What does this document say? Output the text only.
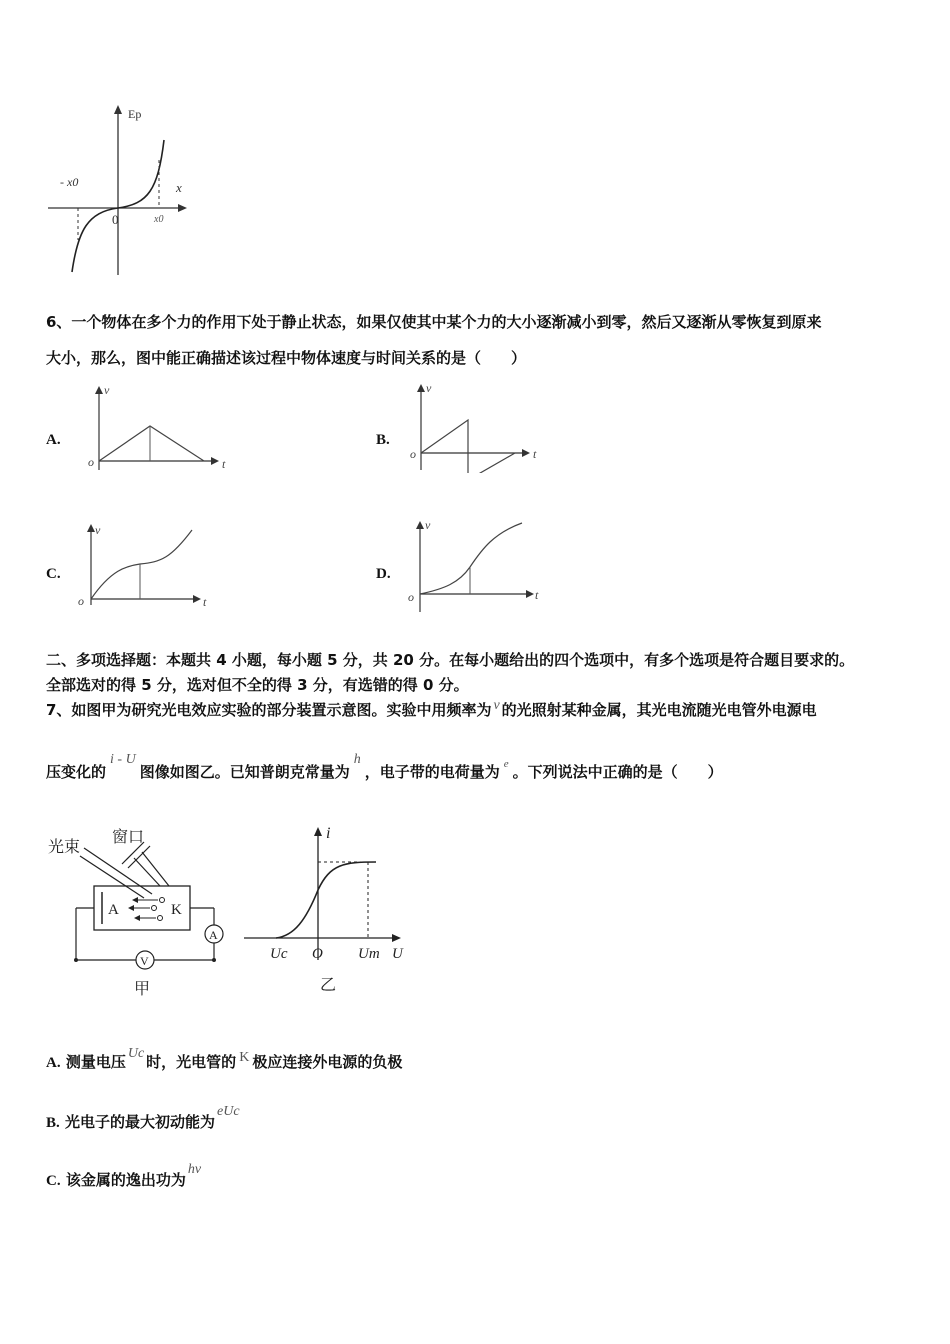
Ep
- x0	x
0	x0
6、一个物体在多个力的作用下处于静止状态，如果仅使其中某个力的大小逐渐减小到零，然后又逐渐从零恢复到原来
大小，那么，图中能正确描述该过程中物体速度与时间关系的是（　　）
A.
v
t
o
B.
v
t
o
C.
v
t
o
D.
v
t
o
二、多项选择题：本题共 4 小题，每小题 5 分，共 20 分。在每小题给出的四个选项中，有多个选项是符合题目要求的。
全部选对的得 5 分，选对但不全的得 3 分，有选错的得 0 分。
7、如图甲为研究光电效应实验的部分装置示意图。实验中用频率为 ν 的光照射某种金属，其光电流随光电管外电源电
压变化的i - U图像如图乙。已知普朗克常量为h，电子带的电荷量为 $^e$ 。下列说法中正确的是（　　）
光束
窗口
A	K
A
V
甲
i
Uc O Um U
乙
A. 测量电压 Uc 时，光电管的 K 极应连接外电源的负极
B. 光电子的最大初动能为eUc
C. 该金属的逸出功为hν
